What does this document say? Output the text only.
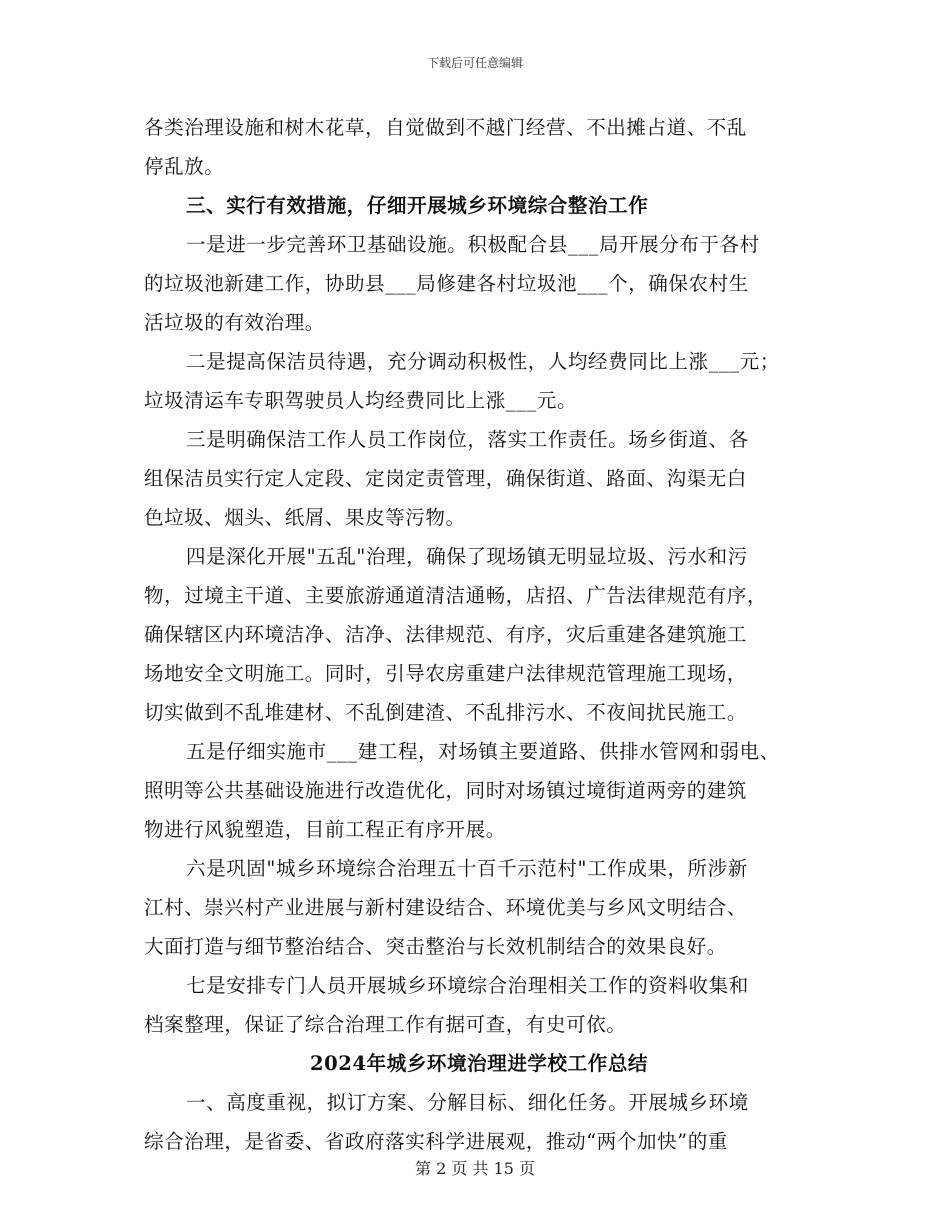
下载后可任意编辑
各类治理设施和树木花草，自觉做到不越门经营、不出摊占道、不乱
停乱放。
三、实行有效措施，仔细开展城乡环境综合整治工作
一是进一步完善环卫基础设施。积极配合县___局开展分布于各村
的垃圾池新建工作，协助县___局修建各村垃圾池___个，确保农村生
活垃圾的有效治理。
二是提高保洁员待遇，充分调动积极性，人均经费同比上涨___元；
垃圾清运车专职驾驶员人均经费同比上涨___元。
三是明确保洁工作人员工作岗位，落实工作责任。场乡街道、各
组保洁员实行定人定段、定岗定责管理，确保街道、路面、沟渠无白
色垃圾、烟头、纸屑、果皮等污物。
四是深化开展"五乱"治理，确保了现场镇无明显垃圾、污水和污
物，过境主干道、主要旅游通道清洁通畅，店招、广告法律规范有序，
确保辖区内环境洁净、洁净、法律规范、有序，灾后重建各建筑施工
场地安全文明施工。同时，引导农房重建户法律规范管理施工现场，
切实做到不乱堆建材、不乱倒建渣、不乱排污水、不夜间扰民施工。
五是仔细实施市___建工程，对场镇主要道路、供排水管网和弱电、
照明等公共基础设施进行改造优化，同时对场镇过境街道两旁的建筑
物进行风貌塑造，目前工程正有序开展。
六是巩固"城乡环境综合治理五十百千示范村"工作成果，所涉新
江村、崇兴村产业进展与新村建设结合、环境优美与乡风文明结合、
大面打造与细节整治结合、突击整治与长效机制结合的效果良好。
七是安排专门人员开展城乡环境综合治理相关工作的资料收集和
档案整理，保证了综合治理工作有据可查，有史可依。
2024年城乡环境治理进学校工作总结
一、高度重视，拟订方案、分解目标、细化任务。开展城乡环境
综合治理，是省委、省政府落实科学进展观，推动“两个加快”的重
第 2 页 共 15 页
